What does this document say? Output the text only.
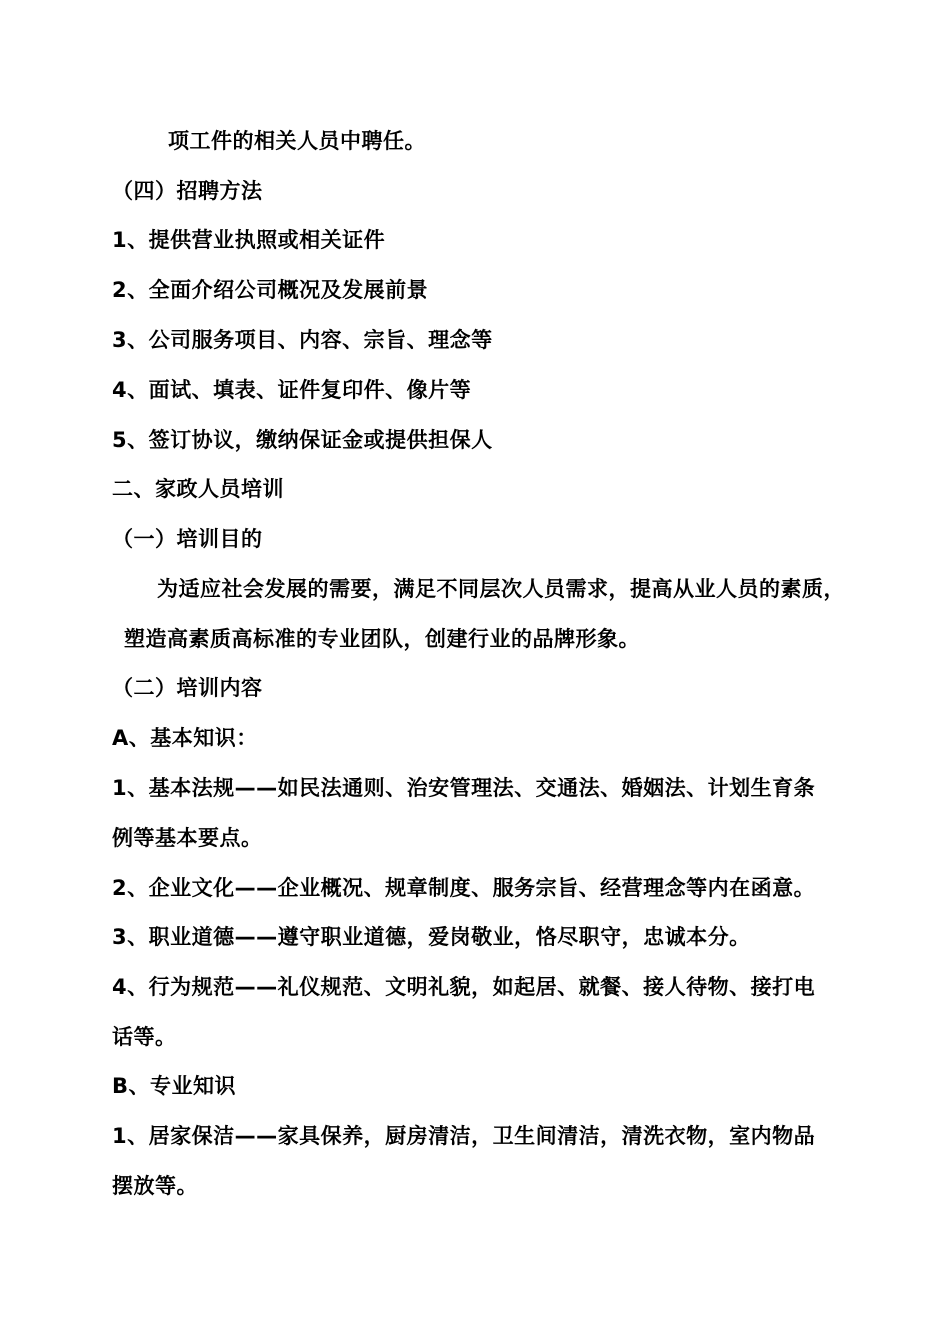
项工件的相关人员中聘任。
（四）招聘方法
1、提供营业执照或相关证件
2、全面介绍公司概况及发展前景
3、公司服务项目、内容、宗旨、理念等
4、面试、填表、证件复印件、像片等
5、签订协议，缴纳保证金或提供担保人
二、家政人员培训
（一）培训目的
为适应社会发展的需要，满足不同层次人员需求，提高从业人员的素质，
塑造高素质高标准的专业团队，创建行业的品牌形象。
（二）培训内容
A、基本知识：
1、基本法规——如民法通则、治安管理法、交通法、婚姻法、计划生育条
例等基本要点。
2、企业文化——企业概况、规章制度、服务宗旨、经营理念等内在函意。
3、职业道德——遵守职业道德，爱岗敬业，恪尽职守，忠诚本分。
4、行为规范——礼仪规范、文明礼貌，如起居、就餐、接人待物、接打电
话等。
B、专业知识
1、居家保洁——家具保养，厨房清洁，卫生间清洁，清洗衣物，室内物品
摆放等。
